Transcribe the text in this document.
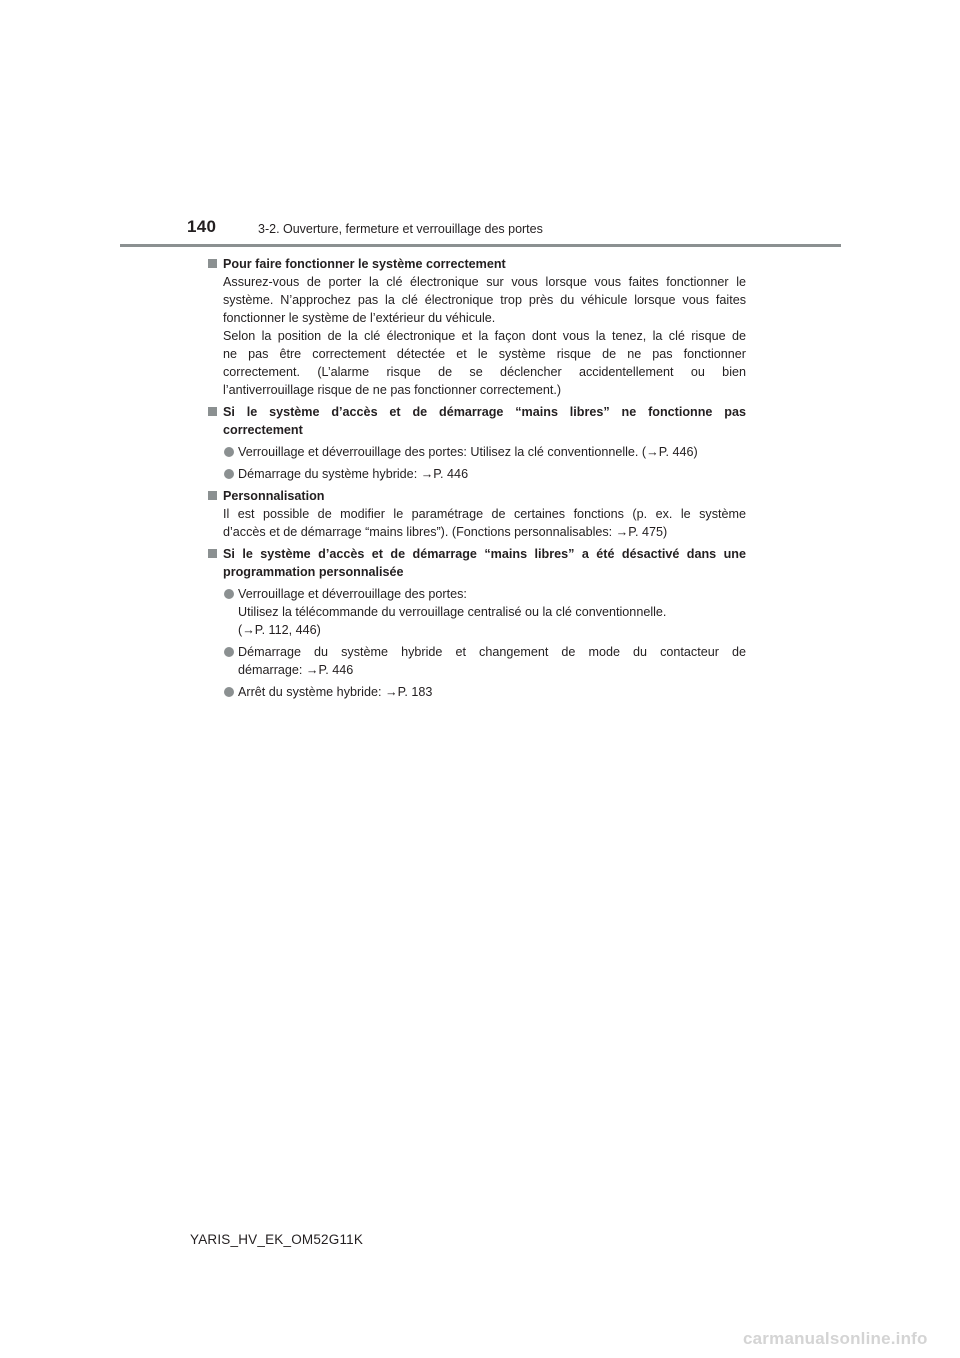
140	3-2. Ouverture, fermeture et verrouillage des portes
Pour faire fonctionner le système correctement
Assurez-vous de porter la clé électronique sur vous lorsque vous faites fonctionner le
système. N’approchez pas la clé électronique trop près du véhicule lorsque vous faites
fonctionner le système de l’extérieur du véhicule.
Selon la position de la clé électronique et la façon dont vous la tenez, la clé risque de
ne pas être correctement détectée et le système risque de ne pas fonctionner
correctement. (L’alarme risque de se déclencher accidentellement ou bien
l’antiverrouillage risque de ne pas fonctionner correctement.)
Si le système d’accès et de démarrage “mains libres” ne fonctionne pas
correctement
Verrouillage et déverrouillage des portes: Utilisez la clé conventionnelle. (→P. 446)
Démarrage du système hybride: →P. 446
Personnalisation
Il est possible de modifier le paramétrage de certaines fonctions (p. ex. le système
d’accès et de démarrage “mains libres”). (Fonctions personnalisables: →P. 475)
Si le système d’accès et de démarrage “mains libres” a été désactivé dans une
programmation personnalisée
Verrouillage et déverrouillage des portes:
Utilisez la télécommande du verrouillage centralisé ou la clé conventionnelle.
(→P. 112, 446)
Démarrage du système hybride et changement de mode du contacteur de
démarrage: →P. 446
Arrêt du système hybride: →P. 183
YARIS_HV_EK_OM52G11K
carmanualsonline.info
